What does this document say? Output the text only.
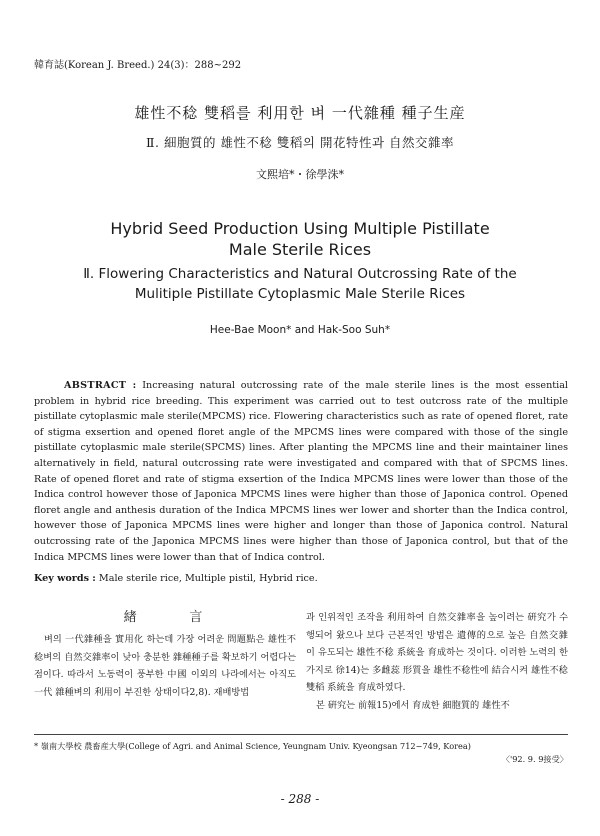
韓育誌(Korean J. Breed.) 24(3)：288~292
雄性不稔 雙稻를 利用한 벼 一代雜種 種子生産
Ⅱ. 細胞質的 雄性不稔 雙稻의 開花特性과 自然交雜率
文熙培*・徐學洙*
Hybrid Seed Production Using Multiple Pistillate
Male Sterile Rices
Ⅱ. Flowering Characteristics and Natural Outcrossing Rate of the
Mulitiple Pistillate Cytoplasmic Male Sterile Rices
Hee-Bae Moon* and Hak-Soo Suh*

ABSTRACT : Increasing natural outcrossing rate of the male sterile lines is the most essential problem in hybrid rice breeding. This experiment was carried out to test outcross rate of the multiple pistillate cytoplasmic male sterile(MPCMS) rice. Flowering characteristics such as rate of opened floret, rate of stigma exsertion and opened floret angle of the MPCMS lines were compared with those of the single pistillate cytoplasmic male sterile(SPCMS) lines. After planting the MPCMS line and their maintainer lines alternatively in field, natural outcrossing rate were investigated and compared with that of SPCMS lines. Rate of opened floret and rate of stigma exsertion of the Indica MPCMS lines were lower than those of the Indica control however those of Japonica MPCMS lines were higher than those of Japonica control. Opened floret angle and anthesis duration of the Indica MPCMS lines wer lower and shorter than the Indica control, however those of Japonica MPCMS lines were higher and longer than those of Japonica control. Natural outcrossing rate of the Japonica MPCMS lines were higher than those of Japonica control, but that of the Indica MPCMS lines were lower than that of Indica control.

Key words : Male sterile rice, Multiple pistil, Hybrid rice.
緖	言

벼의 一代雜種을 實用化 하는데 가장 어려운 問題點은 雄性不稔벼의 自然交雜率이 낮아 충분한 雜種種子를 확보하기 어렵다는 점이다. 따라서 노동력이 풍부한 中國 이외의 나라에서는 아직도 一代 雜種벼의 利用이 부진한 상태이다2,8). 재배방법

과 인위적인 조작을 利用하여 自然交雜率을 높이려는 硏究가 수행되어 왔으나 보다 근본적인 방법은 遺傳的으로 높은 自然交雜이 유도되는 雄性不稔 系統을 育成하는 것이다. 이러한 노력의 한가지로 徐14)는 多雌蕊 形質을 雄性不稔性에 結合시켜 雄性不稔 雙稻 系統을 育成하였다.
본 硏究는 前報15)에서 育成한 細胞質的 雄性不
* 嶺南大學校 農畜産大學(College of Agri. and Animal Science, Yeungnam Univ. Kyeongsan 712−749, Korea)
〈'92. 9. 9接受〉
- 288 -
